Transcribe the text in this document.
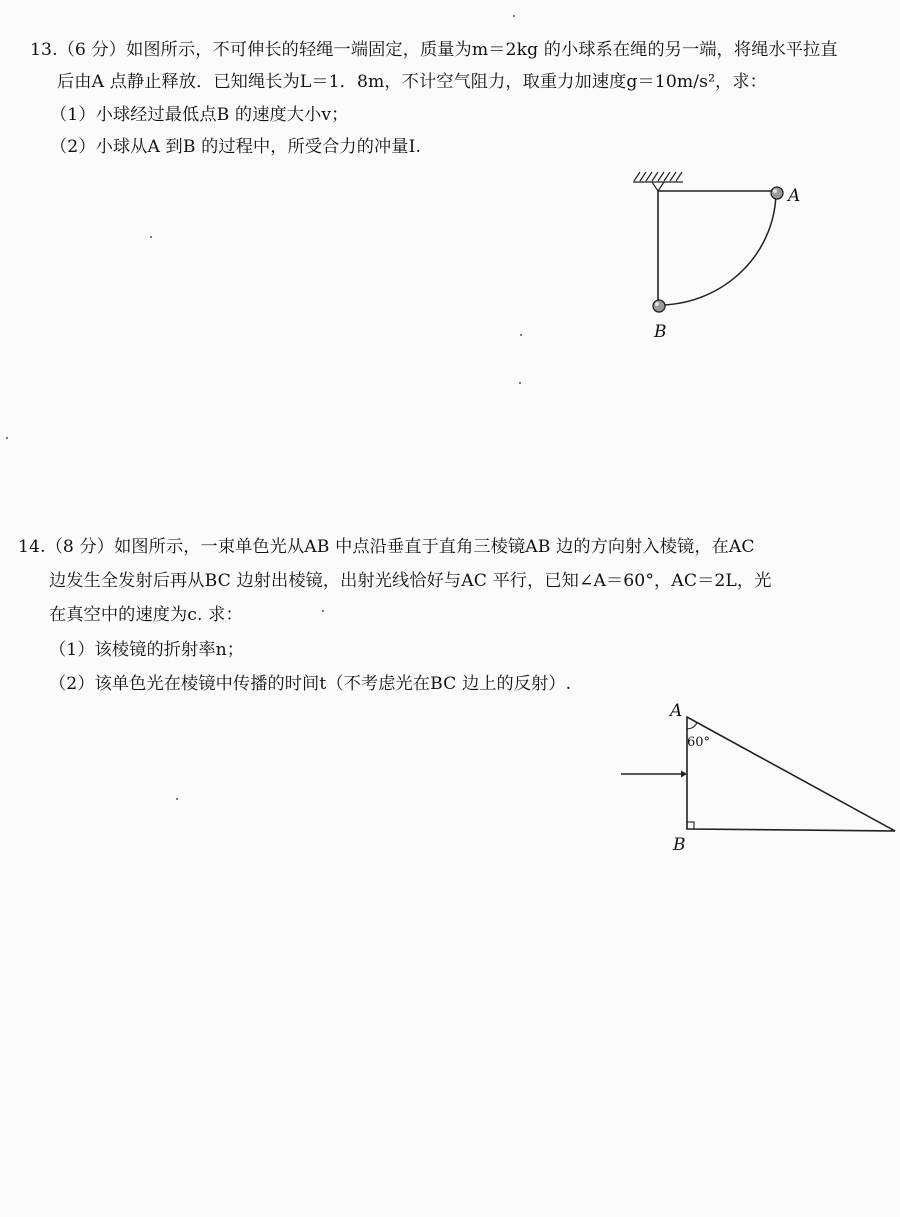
13.（6 分）如图所示，不可伸长的轻绳一端固定，质量为m＝2kg 的小球系在绳的另一端，将绳水平拉直
后由A 点静止释放．已知绳长为L＝1．8m，不计空气阻力，取重力加速度g＝10m/s²，求：
（1）小球经过最低点B 的速度大小v；
（2）小球从A 到B 的过程中，所受合力的冲量I.
A
B
14.（8 分）如图所示，一束单色光从AB 中点沿垂直于直角三棱镜AB 边的方向射入棱镜，在AC
边发生全发射后再从BC 边射出棱镜，出射光线恰好与AC 平行，已知∠A＝60°，AC＝2L，光
在真空中的速度为c. 求：
（1）该棱镜的折射率n；
（2）该单色光在棱镜中传播的时间t（不考虑光在BC 边上的反射）.
60°
A
B
